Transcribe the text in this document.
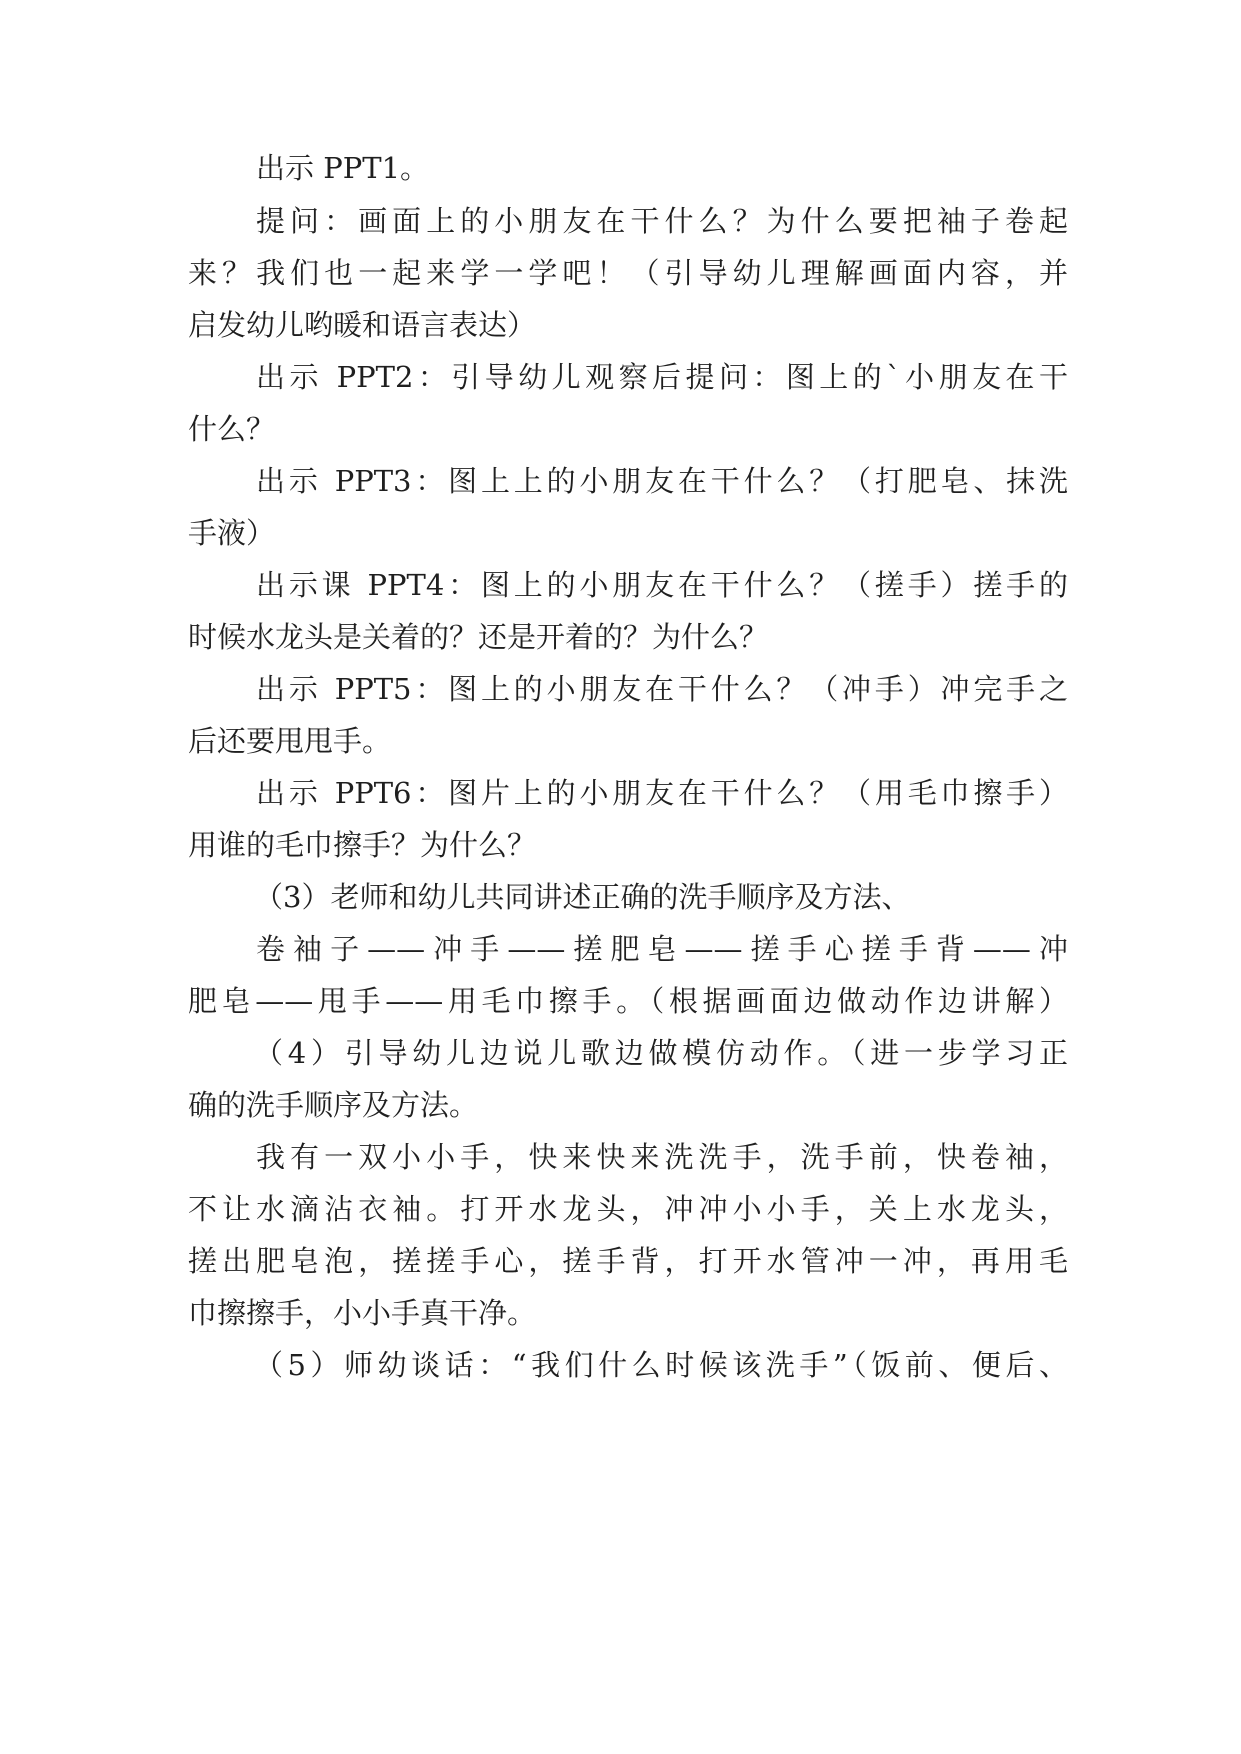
出示 PPT1。
提问：画面上的小朋友在干什么？为什么要把袖子卷起
来？我们也一起来学一学吧！（引导幼儿理解画面内容，并
启发幼儿哟暖和语言表达）
出示 PPT2：引导幼儿观察后提问：图上的`小朋友在干
什么？
出示 PPT3：图上上的小朋友在干什么？（打肥皂、抹洗
手液）
出示课 PPT4：图上的小朋友在干什么？（搓手）搓手的
时候水龙头是关着的？还是开着的？为什么？
出示 PPT5：图上的小朋友在干什么？（冲手）冲完手之
后还要甩甩手。
出示 PPT6：图片上的小朋友在干什么？（用毛巾擦手）
用谁的毛巾擦手？为什么？
（3）老师和幼儿共同讲述正确的洗手顺序及方法、
卷袖子——冲手——搓肥皂——搓手心搓手背——冲
肥皂——甩手——用毛巾擦手。（根据画面边做动作边讲解）
（4）引导幼儿边说儿歌边做模仿动作。（进一步学习正
确的洗手顺序及方法。
我有一双小小手，快来快来洗洗手，洗手前，快卷袖，
不让水滴沾衣袖。打开水龙头，冲冲小小手，关上水龙头，
搓出肥皂泡，搓搓手心，搓手背，打开水管冲一冲，再用毛
巾擦擦手，小小手真干净。
（5）师幼谈话：“我们什么时候该洗手”（饭前、便后、
